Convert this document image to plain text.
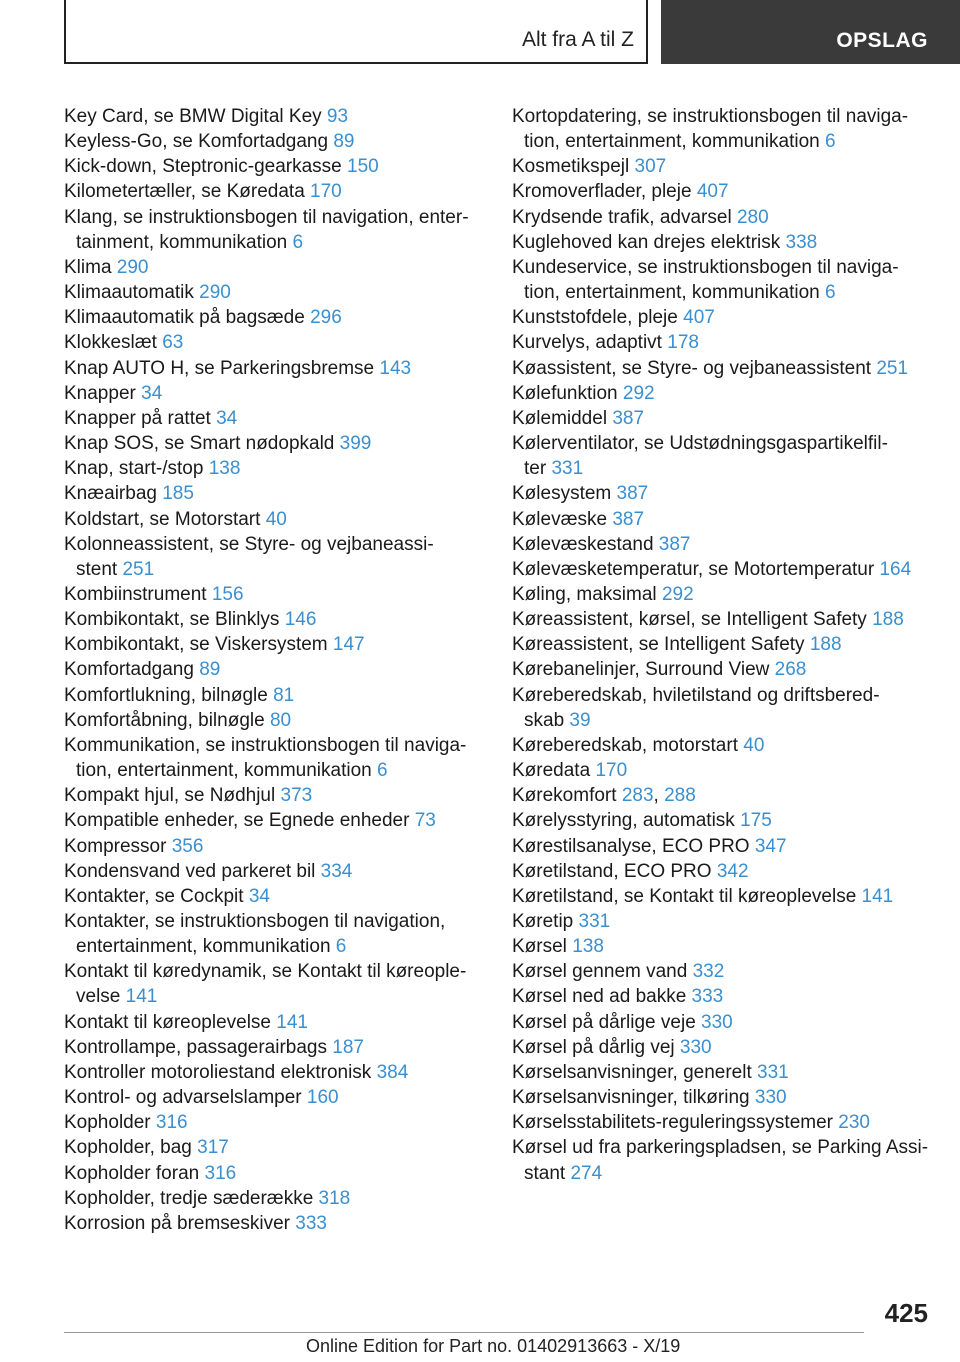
Alt fra A til Z	OPSLAG
Key Card, se BMW Digital Key 93
Keyless-Go, se Komfortadgang 89
Kick-down, Steptronic-gearkasse 150
Kilometertæller, se Køredata 170
Klang, se instruktionsbogen til navigation, enter-
tainment, kommunikation 6
Klima 290
Klimaautomatik 290
Klimaautomatik på bagsæde 296
Klokkeslæt 63
Knap AUTO H, se Parkeringsbremse 143
Knapper 34
Knapper på rattet 34
Knap SOS, se Smart nødopkald 399
Knap, start-/stop 138
Knæairbag 185
Koldstart, se Motorstart 40
Kolonneassistent, se Styre- og vejbaneassi-
stent 251
Kombiinstrument 156
Kombikontakt, se Blinklys 146
Kombikontakt, se Viskersystem 147
Komfortadgang 89
Komfortlukning, bilnøgle 81
Komfortåbning, bilnøgle 80
Kommunikation, se instruktionsbogen til naviga-
tion, entertainment, kommunikation 6
Kompakt hjul, se Nødhjul 373
Kompatible enheder, se Egnede enheder 73
Kompressor 356
Kondensvand ved parkeret bil 334
Kontakter, se Cockpit 34
Kontakter, se instruktionsbogen til navigation,
entertainment, kommunikation 6
Kontakt til køredynamik, se Kontakt til køreople-
velse 141
Kontakt til køreoplevelse 141
Kontrollampe, passagerairbags 187
Kontroller motoroliestand elektronisk 384
Kontrol- og advarselslamper 160
Kopholder 316
Kopholder, bag 317
Kopholder foran 316
Kopholder, tredje sæderække 318
Korrosion på bremseskiver 333
Kortopdatering, se instruktionsbogen til naviga-
tion, entertainment, kommunikation 6
Kosmetikspejl 307
Kromoverflader, pleje 407
Krydsende trafik, advarsel 280
Kuglehoved kan drejes elektrisk 338
Kundeservice, se instruktionsbogen til naviga-
tion, entertainment, kommunikation 6
Kunststofdele, pleje 407
Kurvelys, adaptivt 178
Køassistent, se Styre- og vejbaneassistent 251
Kølefunktion 292
Kølemiddel 387
Kølerventilator, se Udstødningsgaspartikelfil-
ter 331
Kølesystem 387
Kølevæske 387
Kølevæskestand 387
Kølevæsketemperatur, se Motortemperatur 164
Køling, maksimal 292
Køreassistent, kørsel, se Intelligent Safety 188
Køreassistent, se Intelligent Safety 188
Kørebanelinjer, Surround View 268
Køreberedskab, hviletilstand og driftsbered-
skab 39
Køreberedskab, motorstart 40
Køredata 170
Kørekomfort 283, 288
Kørelysstyring, automatisk 175
Kørestilsanalyse, ECO PRO 347
Køretilstand, ECO PRO 342
Køretilstand, se Kontakt til køreoplevelse 141
Køretip 331
Kørsel 138
Kørsel gennem vand 332
Kørsel ned ad bakke 333
Kørsel på dårlige veje 330
Kørsel på dårlig vej 330
Kørselsanvisninger, generelt 331
Kørselsanvisninger, tilkøring 330
Kørselsstabilitets-reguleringssystemer 230
Kørsel ud fra parkeringspladsen, se Parking Assi-
stant 274
425
Online Edition for Part no. 01402913663 - X/19
